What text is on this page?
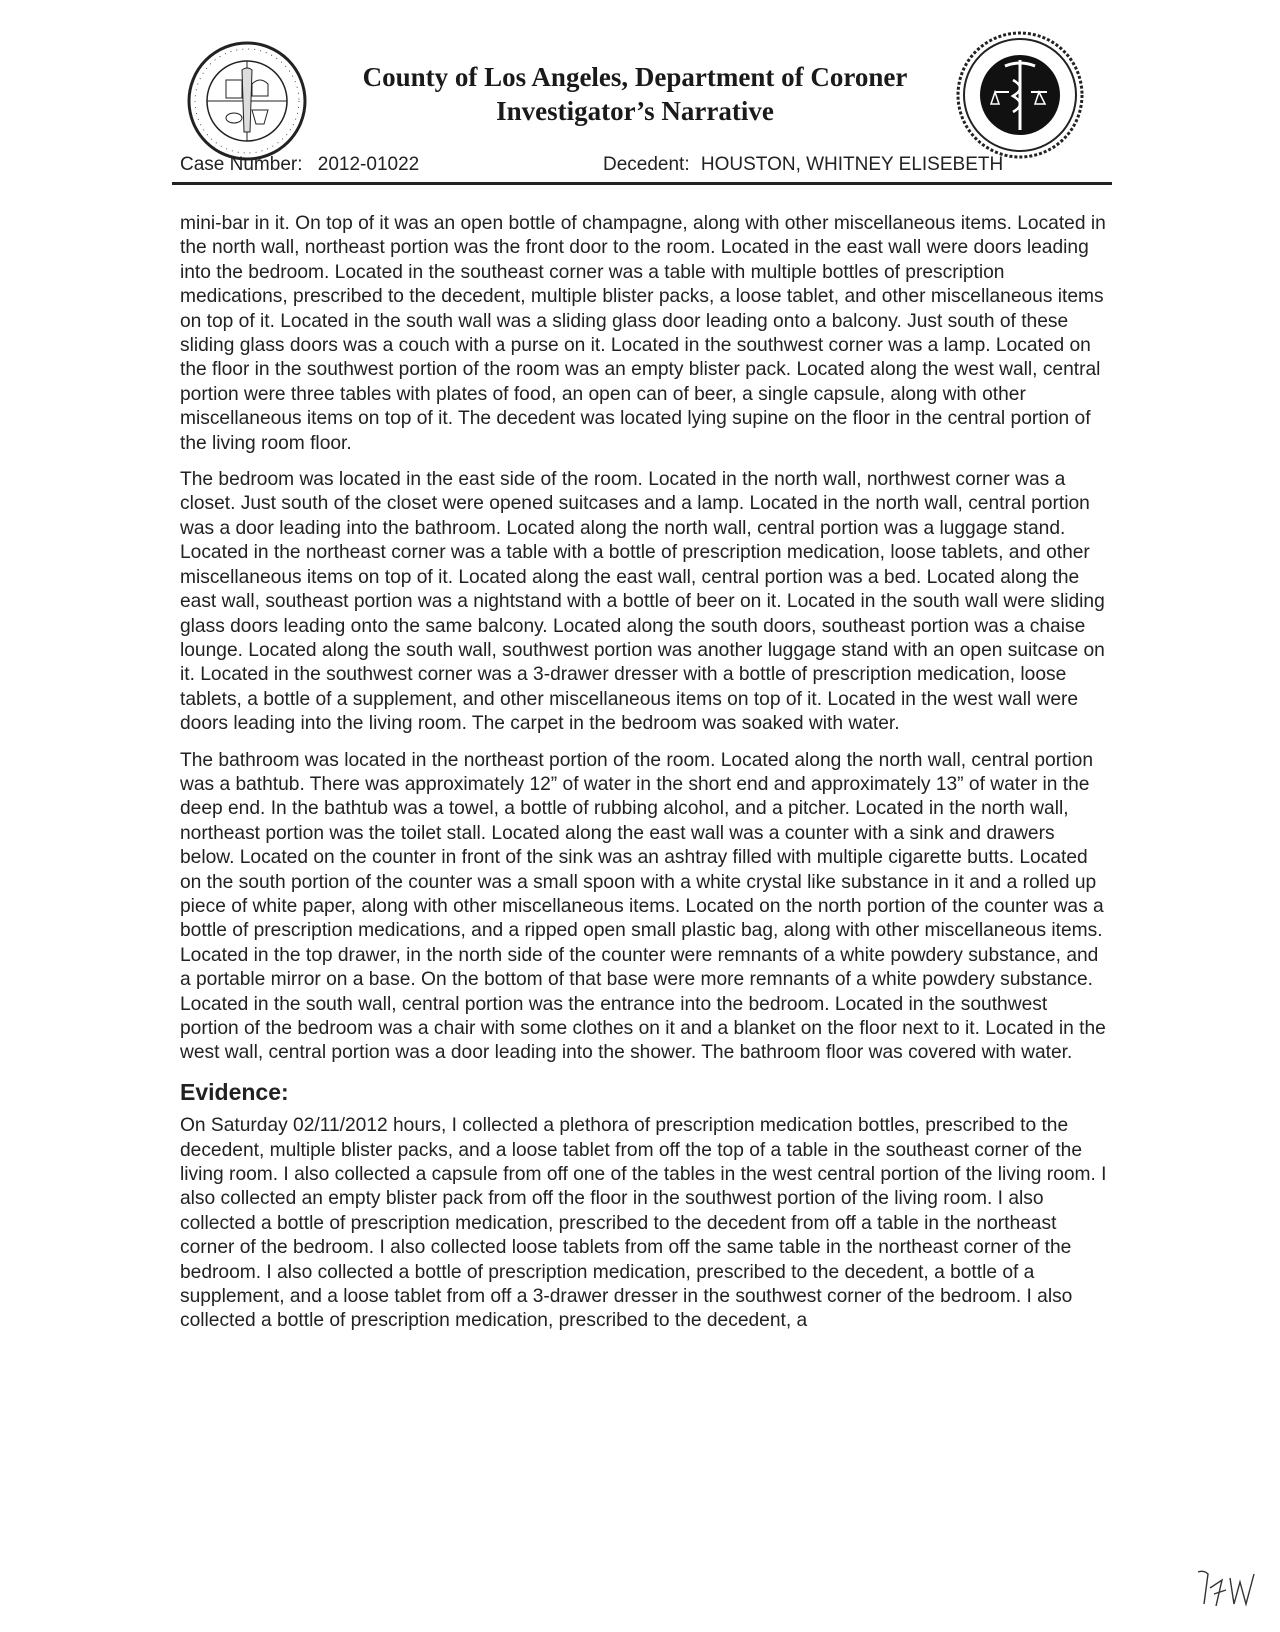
County of Los Angeles, Department of Coroner
Investigator’s Narrative
Case Number: 2012-01022	Decedent: HOUSTON, WHITNEY ELISEBETH

mini-bar in it. On top of it was an open bottle of champagne, along with other miscellaneous items. Located in the north wall, northeast portion was the front door to the room. Located in the east wall were doors leading into the bedroom. Located in the southeast corner was a table with multiple bottles of prescription medications, prescribed to the decedent, multiple blister packs, a loose tablet, and other miscellaneous items on top of it. Located in the south wall was a sliding glass door leading onto a balcony. Just south of these sliding glass doors was a couch with a purse on it. Located in the southwest corner was a lamp. Located on the floor in the southwest portion of the room was an empty blister pack. Located along the west wall, central portion were three tables with plates of food, an open can of beer, a single capsule, along with other miscellaneous items on top of it. The decedent was located lying supine on the floor in the central portion of the living room floor.

The bedroom was located in the east side of the room. Located in the north wall, northwest corner was a closet. Just south of the closet were opened suitcases and a lamp. Located in the north wall, central portion was a door leading into the bathroom. Located along the north wall, central portion was a luggage stand. Located in the northeast corner was a table with a bottle of prescription medication, loose tablets, and other miscellaneous items on top of it. Located along the east wall, central portion was a bed. Located along the east wall, southeast portion was a nightstand with a bottle of beer on it. Located in the south wall were sliding glass doors leading onto the same balcony. Located along the south doors, southeast portion was a chaise lounge. Located along the south wall, southwest portion was another luggage stand with an open suitcase on it. Located in the southwest corner was a 3-drawer dresser with a bottle of prescription medication, loose tablets, a bottle of a supplement, and other miscellaneous items on top of it. Located in the west wall were doors leading into the living room. The carpet in the bedroom was soaked with water.

The bathroom was located in the northeast portion of the room. Located along the north wall, central portion was a bathtub. There was approximately 12” of water in the short end and approximately 13” of water in the deep end. In the bathtub was a towel, a bottle of rubbing alcohol, and a pitcher. Located in the north wall, northeast portion was the toilet stall. Located along the east wall was a counter with a sink and drawers below. Located on the counter in front of the sink was an ashtray filled with multiple cigarette butts. Located on the south portion of the counter was a small spoon with a white crystal like substance in it and a rolled up piece of white paper, along with other miscellaneous items. Located on the north portion of the counter was a bottle of prescription medications, and a ripped open small plastic bag, along with other miscellaneous items. Located in the top drawer, in the north side of the counter were remnants of a white powdery substance, and a portable mirror on a base. On the bottom of that base were more remnants of a white powdery substance. Located in the south wall, central portion was the entrance into the bedroom. Located in the southwest portion of the bedroom was a chair with some clothes on it and a blanket on the floor next to it. Located in the west wall, central portion was a door leading into the shower. The bathroom floor was covered with water.

Evidence:

On Saturday 02/11/2012 hours, I collected a plethora of prescription medication bottles, prescribed to the decedent, multiple blister packs, and a loose tablet from off the top of a table in the southeast corner of the living room. I also collected a capsule from off one of the tables in the west central portion of the living room. I also collected an empty blister pack from off the floor in the southwest portion of the living room. I also collected a bottle of prescription medication, prescribed to the decedent from off a table in the northeast corner of the bedroom. I also collected loose tablets from off the same table in the northeast corner of the bedroom. I also collected a bottle of prescription medication, prescribed to the decedent, a bottle of a supplement, and a loose tablet from off a 3-drawer dresser in the southwest corner of the bedroom. I also collected a bottle of prescription medication, prescribed to the decedent, a
